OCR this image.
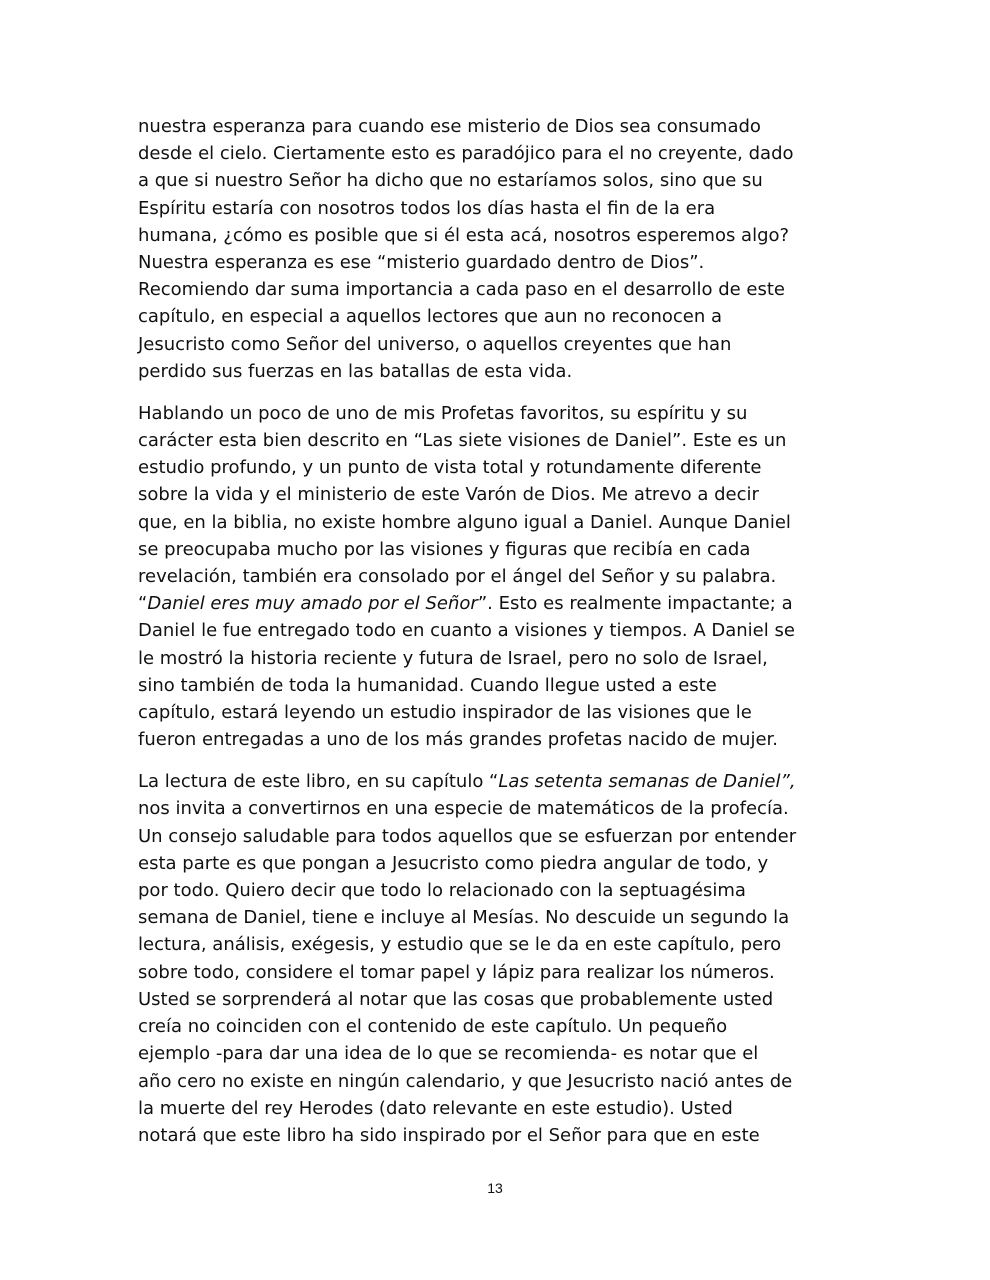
nuestra esperanza para cuando ese misterio de Dios sea consumado
desde el cielo. Ciertamente esto es paradójico para el no creyente, dado
a que si nuestro Señor ha dicho que no estaríamos solos, sino que su
Espíritu estaría con nosotros todos los días hasta el fin de la era
humana, ¿cómo es posible que si él esta acá, nosotros esperemos algo?
Nuestra esperanza es ese “misterio guardado dentro de Dios”.
Recomiendo dar suma importancia a cada paso en el desarrollo de este
capítulo, en especial a aquellos lectores que aun no reconocen a
Jesucristo como Señor del universo, o aquellos creyentes que han
perdido sus fuerzas en las batallas de esta vida.
Hablando un poco de uno de mis Profetas favoritos, su espíritu y su
carácter esta bien descrito en “Las siete visiones de Daniel”. Este es un
estudio profundo, y un punto de vista total y rotundamente diferente
sobre la vida y el ministerio de este Varón de Dios. Me atrevo a decir
que, en la biblia, no existe hombre alguno igual a Daniel. Aunque Daniel
se preocupaba mucho por las visiones y figuras que recibía en cada
revelación, también era consolado por el ángel del Señor y su palabra.
“Daniel eres muy amado por el Señor”. Esto es realmente impactante; a
Daniel le fue entregado todo en cuanto a visiones y tiempos. A Daniel se
le mostró la historia reciente y futura de Israel, pero no solo de Israel,
sino también de toda la humanidad. Cuando llegue usted a este
capítulo, estará leyendo un estudio inspirador de las visiones que le
fueron entregadas a uno de los más grandes profetas nacido de mujer.
La lectura de este libro, en su capítulo “Las setenta semanas de Daniel”,
nos invita a convertirnos en una especie de matemáticos de la profecía.
Un consejo saludable para todos aquellos que se esfuerzan por entender
esta parte es que pongan a Jesucristo como piedra angular de todo, y
por todo. Quiero decir que todo lo relacionado con la septuagésima
semana de Daniel, tiene e incluye al Mesías. No descuide un segundo la
lectura, análisis, exégesis, y estudio que se le da en este capítulo, pero
sobre todo, considere el tomar papel y lápiz para realizar los números.
Usted se sorprenderá al notar que las cosas que probablemente usted
creía no coinciden con el contenido de este capítulo. Un pequeño
ejemplo -para dar una idea de lo que se recomienda- es notar que el
año cero no existe en ningún calendario, y que Jesucristo nació antes de
la muerte del rey Herodes (dato relevante en este estudio). Usted
notará que este libro ha sido inspirado por el Señor para que en este
13
